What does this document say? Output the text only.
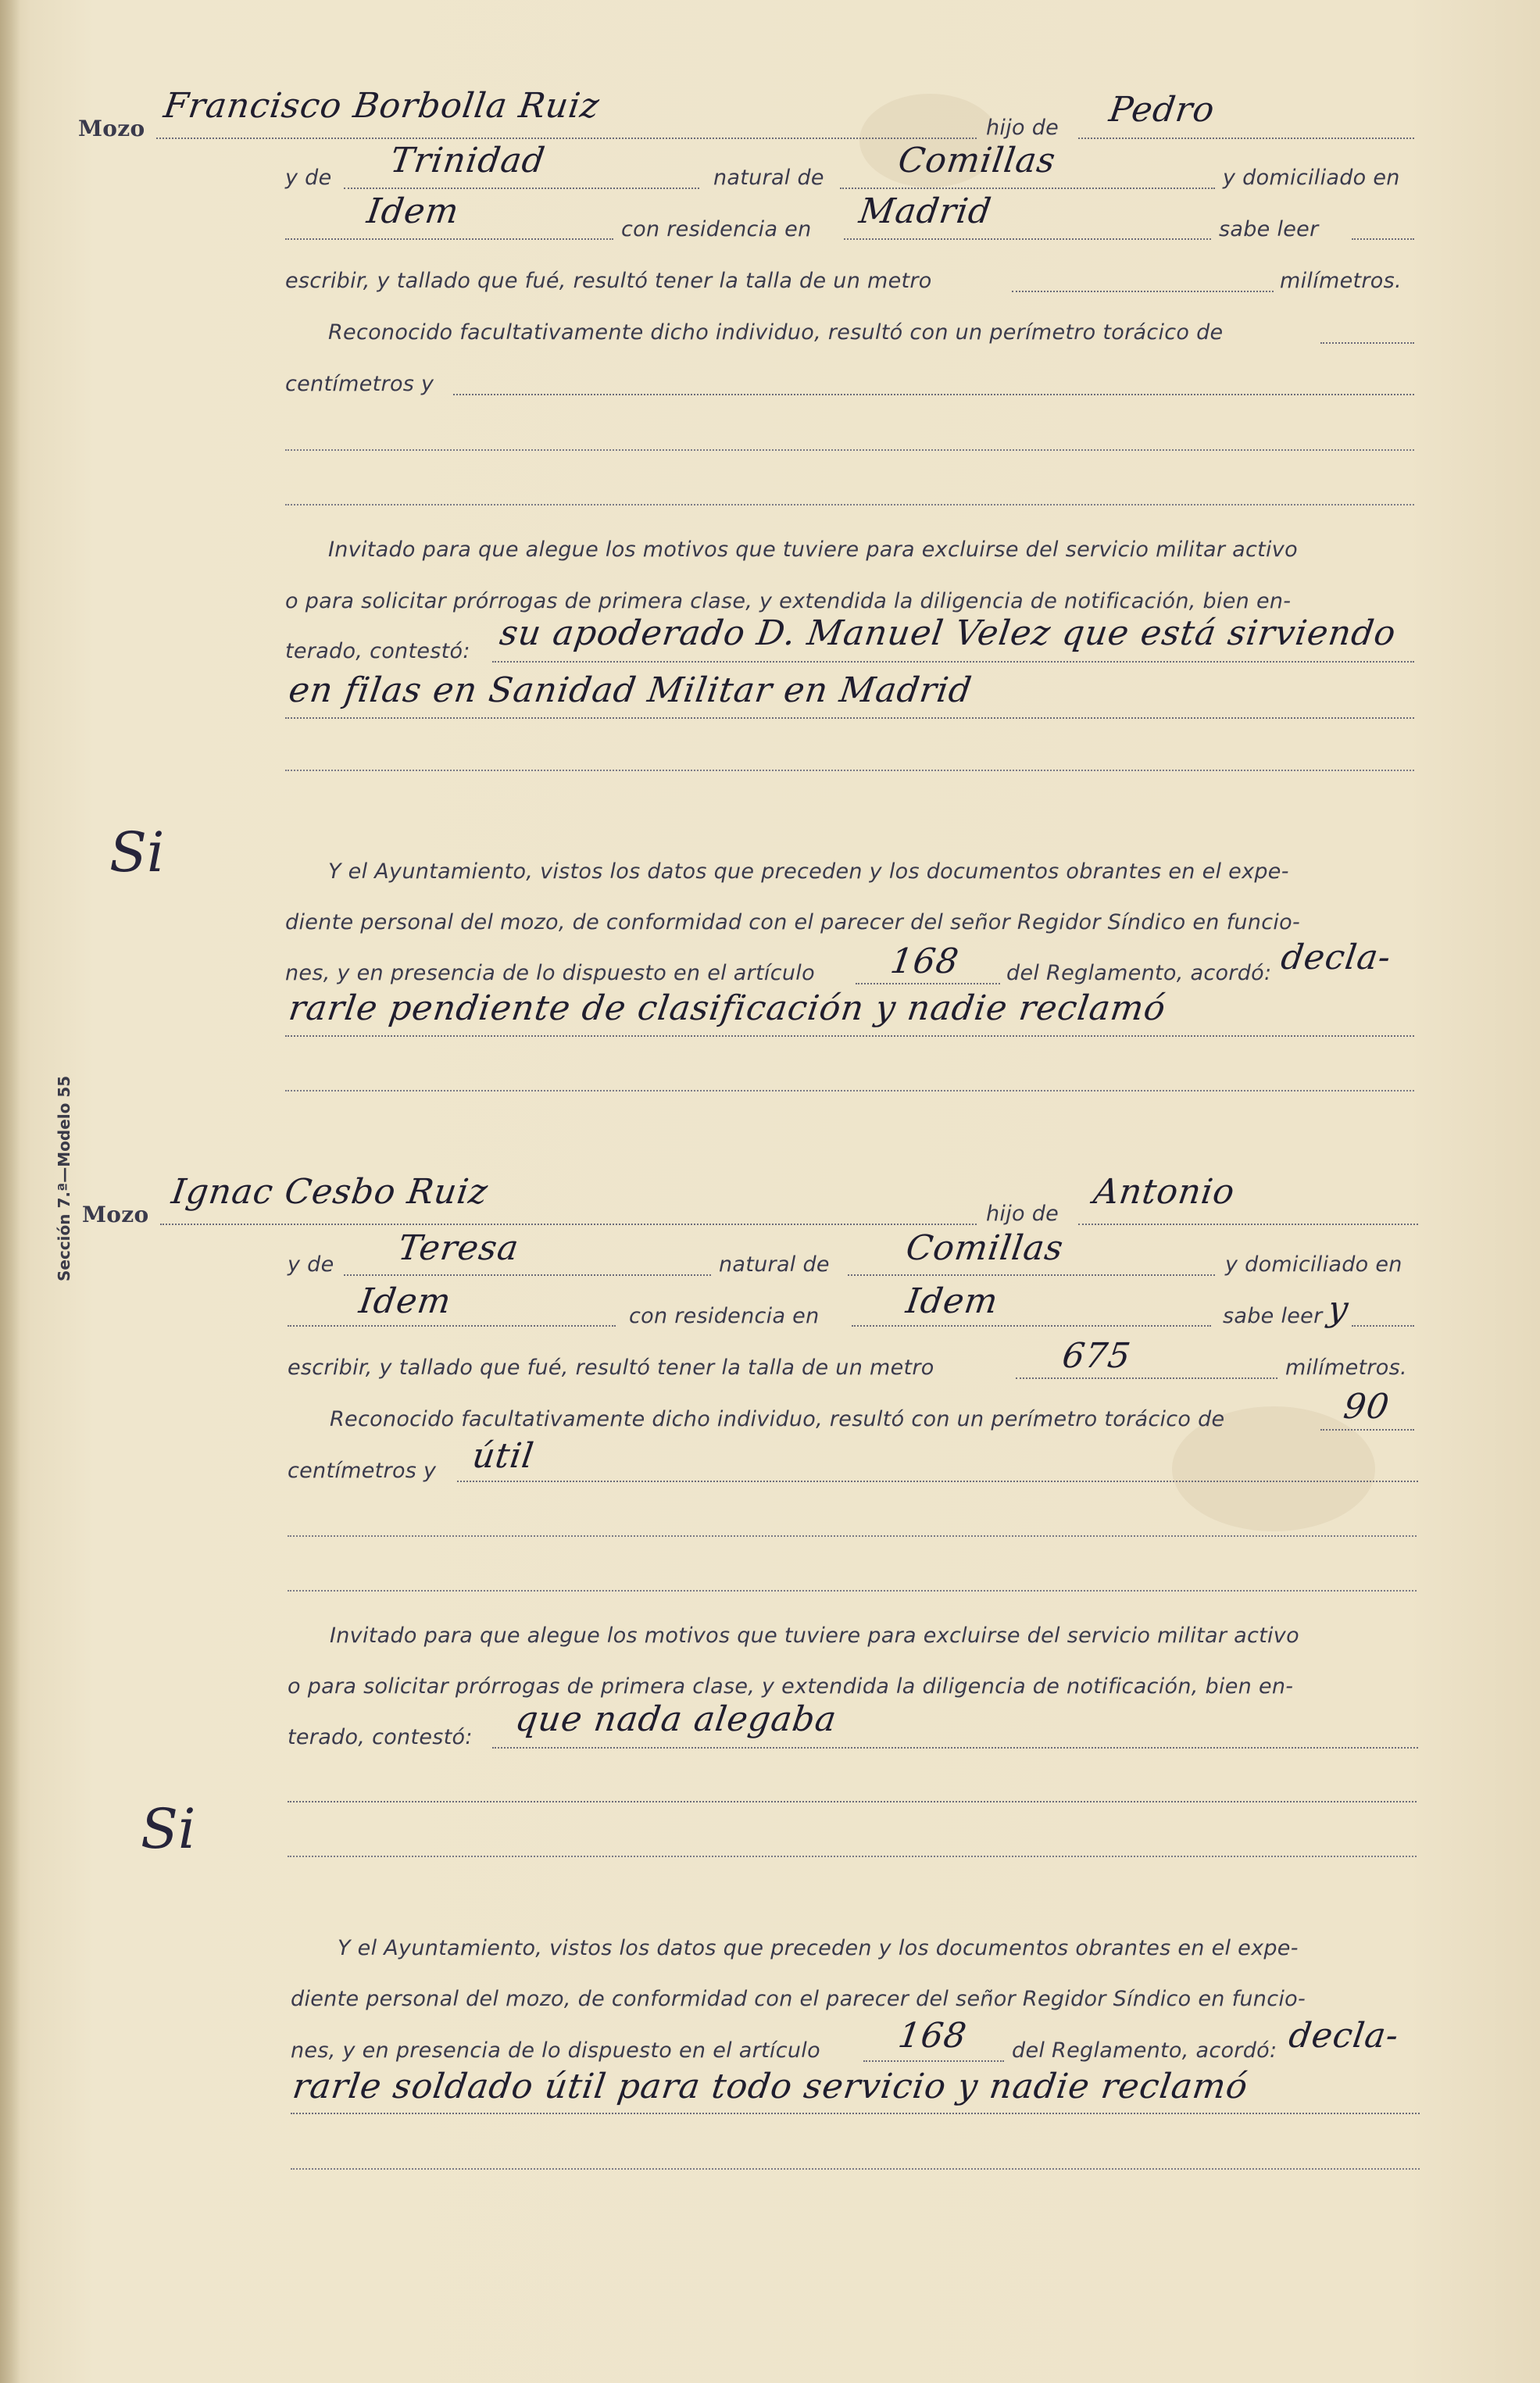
Sección 7.ª—Modelo 55
Mozo
Francisco Borbolla Ruiz
hijo de Pedro
y de Trinidad	natural de Comillas	y domiciliado en
Idem	con residencia en Madrid	sabe leer
escribir, y tallado que fué, resultó tener la talla de un metro	milímetros.
Reconocido facultativamente dicho individuo, resultó con un perímetro torácico de
centímetros y
Invitado para que alegue los motivos que tuviere para excluirse del servicio militar activo
o para solicitar prórrogas de primera clase, y extendida la diligencia de notificación, bien en-
terado, contestó: su apoderado D. Manuel Velez que está sirviendo
en filas en Sanidad Militar en Madrid
Si	Y el Ayuntamiento, vistos los datos que preceden y los documentos obrantes en el expe-
diente personal del mozo, de conformidad con el parecer del señor Regidor Síndico en funcio-
nes, y en presencia de lo dispuesto en el artículo 168 del Reglamento, acordó: decla-
rarle pendiente de clasificación y nadie reclamó
Mozo
Ignac Cesbo Ruiz
hijo de
Antonio
y de Teresa	natural de Comillas	y domiciliado en
Idem	con residencia en Idem	sabe leer y
escribir, y tallado que fué, resultó tener la talla de un metro	675	milímetros.
Reconocido facultativamente dicho individuo, resultó con un perímetro torácico de	90
centímetros y útil
Invitado para que alegue los motivos que tuviere para excluirse del servicio militar activo
o para solicitar prórrogas de primera clase, y extendida la diligencia de notificación, bien en-
terado, contestó: que nada alegaba
Si
Y el Ayuntamiento, vistos los datos que preceden y los documentos obrantes en el expe-
diente personal del mozo, de conformidad con el parecer del señor Regidor Síndico en funcio-
nes, y en presencia de lo dispuesto en el artículo 168 del Reglamento, acordó: decla-
rarle soldado útil para todo servicio y nadie reclamó
